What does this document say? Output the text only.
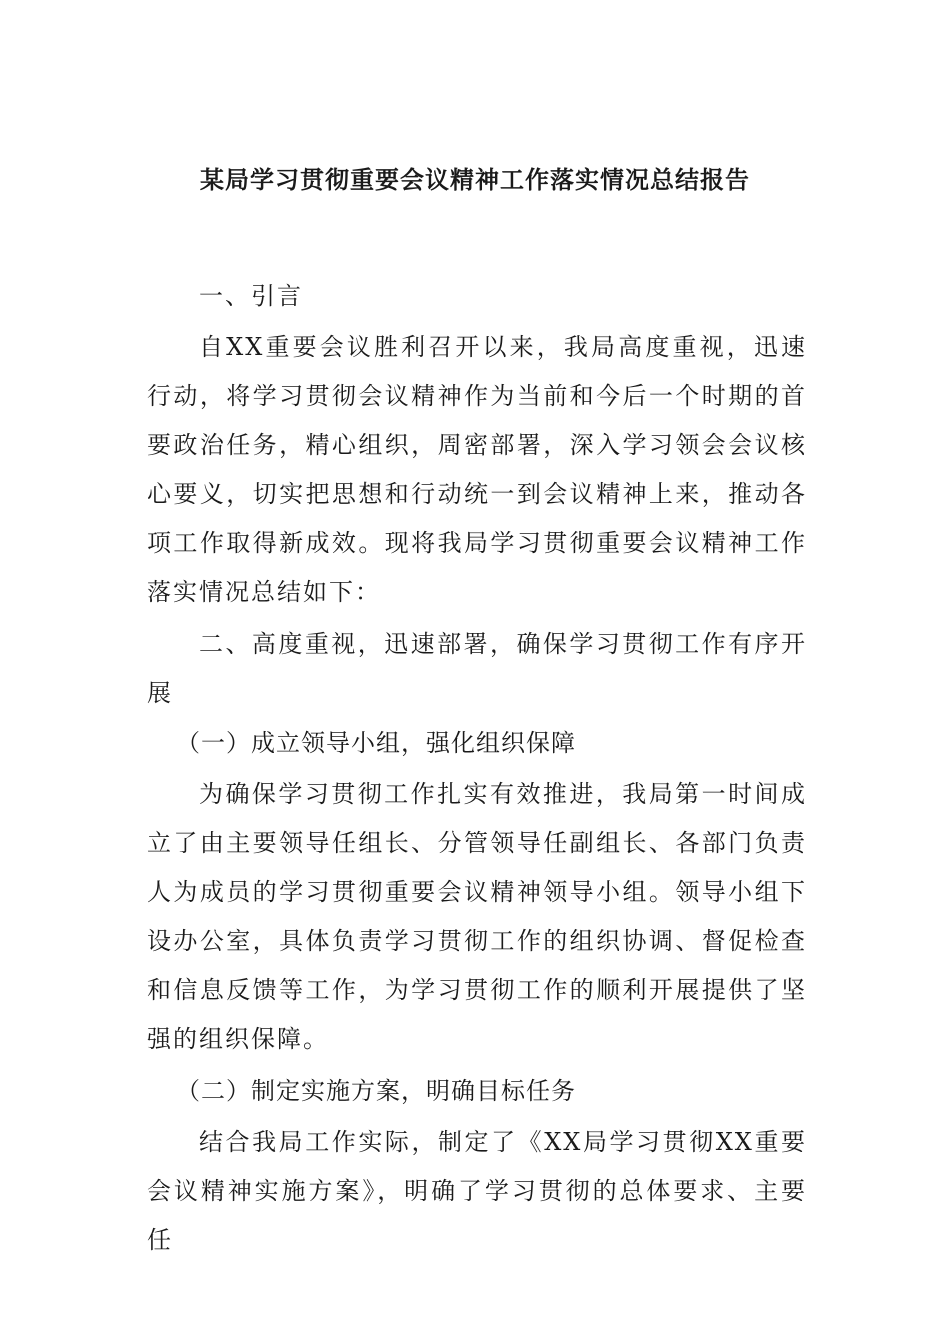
某局学习贯彻重要会议精神工作落实情况总结报告

一、引言

自XX重要会议胜利召开以来，我局高度重视，迅速行动，将学习贯彻会议精神作为当前和今后一个时期的首要政治任务，精心组织，周密部署，深入学习领会会议核心要义，切实把思想和行动统一到会议精神上来，推动各项工作取得新成效。现将我局学习贯彻重要会议精神工作落实情况总结如下：

二、高度重视，迅速部署，确保学习贯彻工作有序开展

（一）成立领导小组，强化组织保障

为确保学习贯彻工作扎实有效推进，我局第一时间成立了由主要领导任组长、分管领导任副组长、各部门负责人为成员的学习贯彻重要会议精神领导小组。领导小组下设办公室，具体负责学习贯彻工作的组织协调、督促检查和信息反馈等工作，为学习贯彻工作的顺利开展提供了坚强的组织保障。

（二）制定实施方案，明确目标任务

结合我局工作实际，制定了《XX局学习贯彻XX重要会议精神实施方案》，明确了学习贯彻的总体要求、主要任
